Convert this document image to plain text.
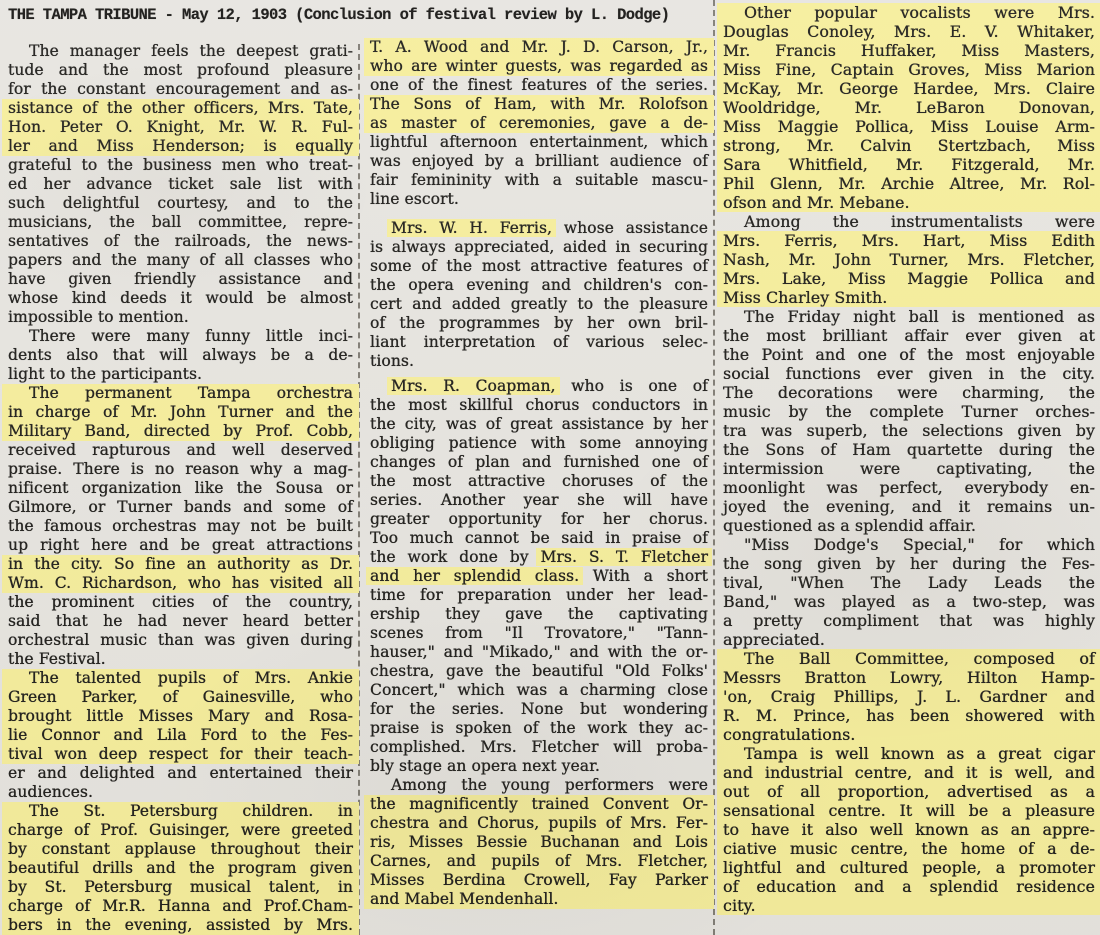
THE TAMPA TRIBUNE - May 12, 1903 (Conclusion of festival review by L. Dodge)
The manager feels the deepest grati-
tude and the most profound pleasure
for the constant encouragement and as-
sistance of the other officers, Mrs. Tate,
Hon. Peter O. Knight, Mr. W. R. Ful-
ler and Miss Henderson; is equally
grateful to the business men who treat-
ed her advance ticket sale list with
such delightful courtesy, and to the
musicians, the ball committee, repre-
sentatives of the railroads, the news-
papers and the many of all classes who
have given friendly assistance and
whose kind deeds it would be almost
impossible to mention.
There were many funny little inci-
dents also that will always be a de-
light to the participants.
The permanent Tampa orchestra
in charge of Mr. John Turner and the
Military Band, directed by Prof. Cobb,
received rapturous and well deserved
praise. There is no reason why a mag-
nificent organization like the Sousa or
Gilmore, or Turner bands and some of
the famous orchestras may not be built
up right here and be great attractions
in the city. So fine an authority as Dr.
Wm. C. Richardson, who has visited all
the prominent cities of the country,
said that he had never heard better
orchestral music than was given during
the Festival.
The talented pupils of Mrs. Ankie
Green Parker, of Gainesville, who
brought little Misses Mary and Rosa-
lie Connor and Lila Ford to the Fes-
tival won deep respect for their teach-
er and delighted and entertained their
audiences.
The St. Petersburg children. in
charge of Prof. Guisinger, were greeted
by constant applause throughout their
beautiful drills and the program given
by St. Petersburg musical talent, in
charge of Mr.R. Hanna and Prof.Cham-
bers in the evening, assisted by Mrs.
T. A. Wood and Mr. J. D. Carson, Jr.,
who are winter guests, was regarded as
one of the finest features of the series.
The Sons of Ham, with Mr. Rolofson
as master of ceremonies, gave a de-
lightful afternoon entertainment, which
was enjoyed by a brilliant audience of
fair femininity with a suitable mascu-
line escort.
Mrs. W. H. Ferris, whose assistance
is always appreciated, aided in securing
some of the most attractive features of
the opera evening and children's con-
cert and added greatly to the pleasure
of the programmes by her own bril-
liant interpretation of various selec-
tions.
Mrs. R. Coapman, who is one of
the most skillful chorus conductors in
the city, was of great assistance by her
obliging patience with some annoying
changes of plan and furnished one of
the most attractive choruses of the
series. Another year she will have
greater opportunity for her chorus.
Too much cannot be said in praise of
the work done by Mrs. S. T. Fletcher
and her splendid class. With a short
time for preparation under her lead-
ership they gave the captivating
scenes from "Il Trovatore," "Tann-
hauser," and "Mikado," and with the or-
chestra, gave the beautiful "Old Folks'
Concert," which was a charming close
for the series. None but wondering
praise is spoken of the work they ac-
complished. Mrs. Fletcher will proba-
bly stage an opera next year.
Among the young performers were
the magnificently trained Convent Or-
chestra and Chorus, pupils of Mrs. Fer-
ris, Misses Bessie Buchanan and Lois
Carnes, and pupils of Mrs. Fletcher,
Misses Berdina Crowell, Fay Parker
and Mabel Mendenhall.
Other popular vocalists were Mrs.
Douglas Conoley, Mrs. E. V. Whitaker,
Mr. Francis Huffaker, Miss Masters,
Miss Fine, Captain Groves, Miss Marion
McKay, Mr. George Hardee, Mrs. Claire
Wooldridge, Mr. LeBaron Donovan,
Miss Maggie Pollica, Miss Louise Arm-
strong, Mr. Calvin Stertzbach, Miss
Sara Whitfield, Mr. Fitzgerald, Mr.
Phil Glenn, Mr. Archie Altree, Mr. Rol-
ofson and Mr. Mebane.
Among the instrumentalists were
Mrs. Ferris, Mrs. Hart, Miss Edith
Nash, Mr. John Turner, Mrs. Fletcher,
Mrs. Lake, Miss Maggie Pollica and
Miss Charley Smith.
The Friday night ball is mentioned as
the most brilliant affair ever given at
the Point and one of the most enjoyable
social functions ever given in the city.
The decorations were charming, the
music by the complete Turner orches-
tra was superb, the selections given by
the Sons of Ham quartette during the
intermission were captivating, the
moonlight was perfect, everybody en-
joyed the evening, and it remains un-
questioned as a splendid affair.
"Miss Dodge's Special," for which
the song given by her during the Fes-
tival, "When The Lady Leads the
Band," was played as a two-step, was
a pretty compliment that was highly
appreciated.
The Ball Committee, composed of
Messrs Bratton Lowry, Hilton Hamp-
'on, Craig Phillips, J. L. Gardner and
R. M. Prince, has been showered with
congratulations.
Tampa is well known as a great cigar
and industrial centre, and it is well, and
out of all proportion, advertised as a
sensational centre. It will be a pleasure
to have it also well known as an appre-
ciative music centre, the home of a de-
lightful and cultured people, a promoter
of education and a splendid residence
city.
